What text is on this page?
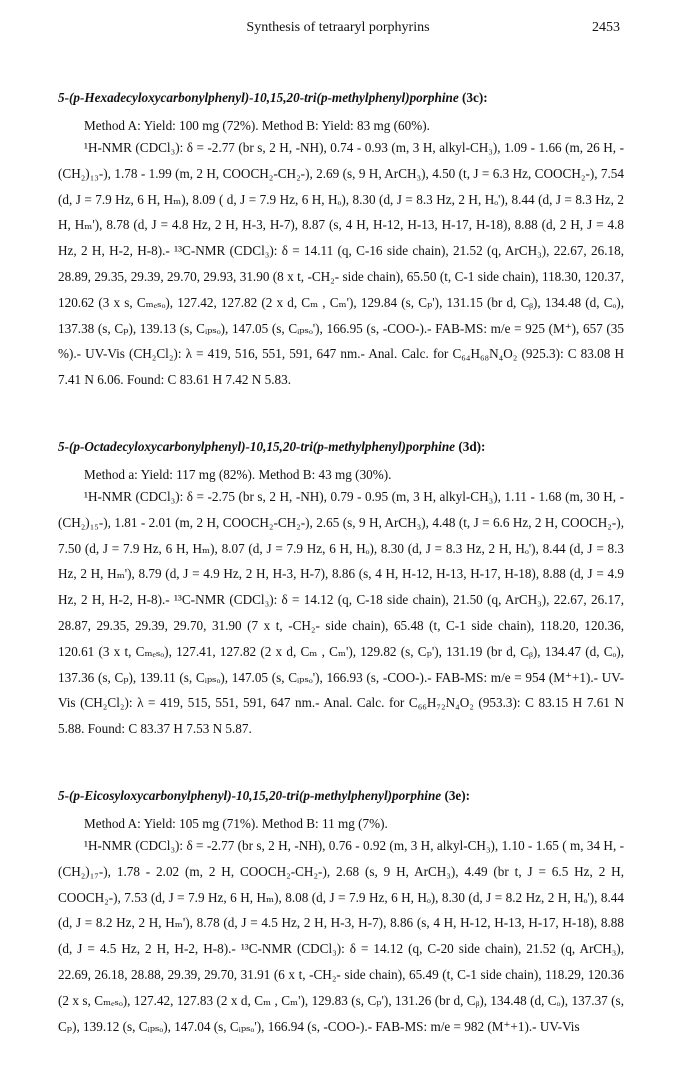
Synthesis of tetraaryl porphyrins	2453
5-(p-Hexadecyloxycarbonylphenyl)-10,15,20-tri(p-methylphenyl)porphine (3c):
Method A: Yield: 100 mg (72%). Method B: Yield: 83 mg (60%).
¹H-NMR (CDCl₃): δ = -2.77 (br s, 2 H, -NH), 0.74 - 0.93 (m, 3 H, alkyl-CH₃), 1.09 - 1.66 (m, 26 H, -(CH₂)₁₃-), 1.78 - 1.99 (m, 2 H, COOCH₂-CH₂-), 2.69 (s, 9 H, ArCH₃), 4.50 (t, J = 6.3 Hz, COOCH₂-), 7.54 (d, J = 7.9 Hz, 6 H, Hₘ), 8.09 ( d, J = 7.9 Hz, 6 H, Hₒ), 8.30 (d, J = 8.3 Hz, 2 H, Hₒ'), 8.44 (d, J = 8.3 Hz, 2 H, Hₘ'), 8.78 (d, J = 4.8 Hz, 2 H, H-3, H-7), 8.87 (s, 4 H, H-12, H-13, H-17, H-18), 8.88 (d, 2 H, J = 4.8 Hz, 2 H, H-2, H-8).- ¹³C-NMR (CDCl₃): δ = 14.11 (q, C-16 side chain), 21.52 (q, ArCH₃), 22.67, 26.18, 28.89, 29.35, 29.39, 29.70, 29.93, 31.90 (8 x t, -CH₂- side chain), 65.50 (t, C-1 side chain), 118.30, 120.37, 120.62 (3 x s, Cₘₑₛₒ), 127.42, 127.82 (2 x d, Cₘ , Cₘ'), 129.84 (s, Cₚ'), 131.15 (br d, Cᵦ), 134.48 (d, Cₒ), 137.38 (s, Cₚ), 139.13 (s, Cᵢₚₛₒ), 147.05 (s, Cᵢₚₛₒ'), 166.95 (s, -COO-).- FAB-MS: m/e = 925 (M⁺), 657 (35 %).- UV-Vis (CH₂Cl₂): λ = 419, 516, 551, 591, 647 nm.- Anal. Calc. for C₆₄H₆₈N₄O₂ (925.3): C 83.08 H 7.41 N 6.06. Found: C 83.61 H 7.42 N 5.83.
5-(p-Octadecyloxycarbonylphenyl)-10,15,20-tri(p-methylphenyl)porphine (3d):
Method a: Yield: 117 mg (82%). Method B: 43 mg (30%).
¹H-NMR (CDCl₃): δ = -2.75 (br s, 2 H, -NH), 0.79 - 0.95 (m, 3 H, alkyl-CH₃), 1.11 - 1.68 (m, 30 H, -(CH₂)₁₅-), 1.81 - 2.01 (m, 2 H, COOCH₂-CH₂-), 2.65 (s, 9 H, ArCH₃), 4.48 (t, J = 6.6 Hz, 2 H, COOCH₂-), 7.50 (d, J = 7.9 Hz, 6 H, Hₘ), 8.07 (d, J = 7.9 Hz, 6 H, Hₒ), 8.30 (d, J = 8.3 Hz, 2 H, Hₒ'), 8.44 (d, J = 8.3 Hz, 2 H, Hₘ'), 8.79 (d, J = 4.9 Hz, 2 H, H-3, H-7), 8.86 (s, 4 H, H-12, H-13, H-17, H-18), 8.88 (d, J = 4.9 Hz, 2 H, H-2, H-8).- ¹³C-NMR (CDCl₃): δ = 14.12 (q, C-18 side chain), 21.50 (q, ArCH₃), 22.67, 26.17, 28.87, 29.35, 29.39, 29.70, 31.90 (7 x t, -CH₂- side chain), 65.48 (t, C-1 side chain), 118.20, 120.36, 120.61 (3 x t, Cₘₑₛₒ), 127.41, 127.82 (2 x d, Cₘ , Cₘ'), 129.82 (s, Cₚ'), 131.19 (br d, Cᵦ), 134.47 (d, Cₒ), 137.36 (s, Cₚ), 139.11 (s, Cᵢₚₛₒ), 147.05 (s, Cᵢₚₛₒ'), 166.93 (s, -COO-).- FAB-MS: m/e = 954 (M⁺+1).- UV-Vis (CH₂Cl₂): λ = 419, 515, 551, 591, 647 nm.- Anal. Calc. for C₆₆H₇₂N₄O₂ (953.3): C 83.15 H 7.61 N 5.88. Found: C 83.37 H 7.53 N 5.87.
5-(p-Eicosyloxycarbonylphenyl)-10,15,20-tri(p-methylphenyl)porphine (3e):
Method A: Yield: 105 mg (71%). Method B: 11 mg (7%).
¹H-NMR (CDCl₃): δ = -2.77 (br s, 2 H, -NH), 0.76 - 0.92 (m, 3 H, alkyl-CH₃), 1.10 - 1.65 ( m, 34 H, -(CH₂)₁₇-), 1.78 - 2.02 (m, 2 H, COOCH₂-CH₂-), 2.68 (s, 9 H, ArCH₃), 4.49 (br t, J = 6.5 Hz, 2 H, COOCH₂-), 7.53 (d, J = 7.9 Hz, 6 H, Hₘ), 8.08 (d, J = 7.9 Hz, 6 H, Hₒ), 8.30 (d, J = 8.2 Hz, 2 H, Hₒ'), 8.44 (d, J = 8.2 Hz, 2 H, Hₘ'), 8.78 (d, J = 4.5 Hz, 2 H, H-3, H-7), 8.86 (s, 4 H, H-12, H-13, H-17, H-18), 8.88 (d, J = 4.5 Hz, 2 H, H-2, H-8).- ¹³C-NMR (CDCl₃): δ = 14.12 (q, C-20 side chain), 21.52 (q, ArCH₃), 22.69, 26.18, 28.88, 29.39, 29.70, 31.91 (6 x t, -CH₂- side chain), 65.49 (t, C-1 side chain), 118.29, 120.36 (2 x s, Cₘₑₛₒ), 127.42, 127.83 (2 x d, Cₘ , Cₘ'), 129.83 (s, Cₚ'), 131.26 (br d, Cᵦ), 134.48 (d, Cₒ), 137.37 (s, Cₚ), 139.12 (s, Cᵢₚₛₒ), 147.04 (s, Cᵢₚₛₒ'), 166.94 (s, -COO-).- FAB-MS: m/e = 982 (M⁺+1).- UV-Vis
